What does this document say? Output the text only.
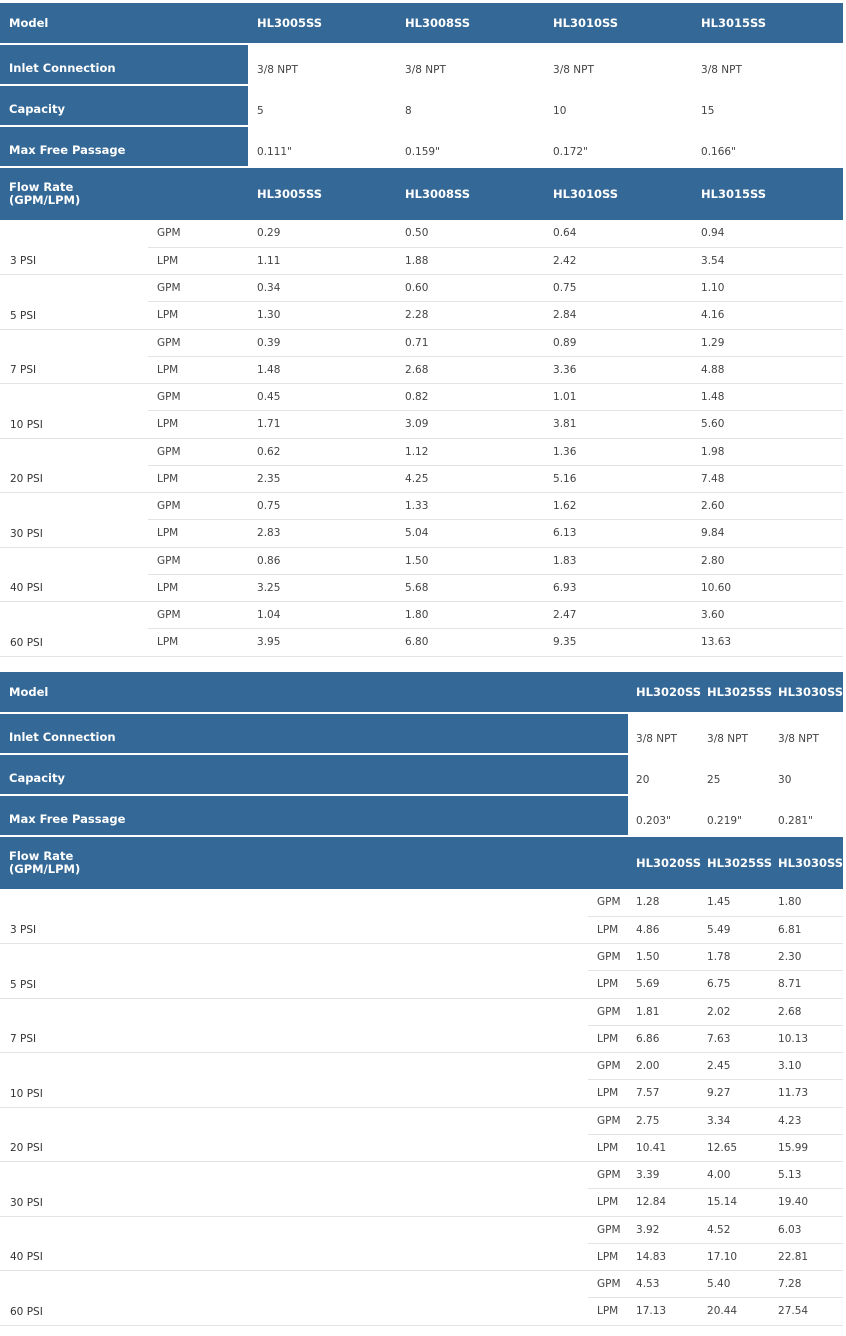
Model		HL3005SS	HL3008SS	HL3010SS	HL3015SS
Inlet Connection		3/8 NPT	3/8 NPT	3/8 NPT	3/8 NPT
Capacity		5	8	10	15
Max Free Passage		0.111"	0.159"	0.172"	0.166"

Flow Rate
(GPM/LPM)		HL3005SS	HL3008SS	HL3010SS	HL3015SS
3 PSI	GPM	0.29	0.50	0.64	0.94
	LPM	1.11	1.88	2.42	3.54
5 PSI	GPM	0.34	0.60	0.75	1.10
	LPM	1.30	2.28	2.84	4.16
7 PSI	GPM	0.39	0.71	0.89	1.29
	LPM	1.48	2.68	3.36	4.88
10 PSI	GPM	0.45	0.82	1.01	1.48
	LPM	1.71	3.09	3.81	5.60
20 PSI	GPM	0.62	1.12	1.36	1.98
	LPM	2.35	4.25	5.16	7.48
30 PSI	GPM	0.75	1.33	1.62	2.60
	LPM	2.83	5.04	6.13	9.84
40 PSI	GPM	0.86	1.50	1.83	2.80
	LPM	3.25	5.68	6.93	10.60
60 PSI	GPM	1.04	1.80	2.47	3.60
	LPM	3.95	6.80	9.35	13.63
Model		HL3020SS	HL3025SS	HL3030SS
Inlet Connection		3/8 NPT	3/8 NPT	3/8 NPT
Capacity		20	25	30
Max Free Passage		0.203"	0.219"	0.281"

Flow Rate
(GPM/LPM)		HL3020SS	HL3025SS	HL3030SS
3 PSI	GPM	1.28	1.45	1.80
	LPM	4.86	5.49	6.81
5 PSI	GPM	1.50	1.78	2.30
	LPM	5.69	6.75	8.71
7 PSI	GPM	1.81	2.02	2.68
	LPM	6.86	7.63	10.13
10 PSI	GPM	2.00	2.45	3.10
	LPM	7.57	9.27	11.73
20 PSI	GPM	2.75	3.34	4.23
	LPM	10.41	12.65	15.99
30 PSI	GPM	3.39	4.00	5.13
	LPM	12.84	15.14	19.40
40 PSI	GPM	3.92	4.52	6.03
	LPM	14.83	17.10	22.81
60 PSI	GPM	4.53	5.40	7.28
	LPM	17.13	20.44	27.54
